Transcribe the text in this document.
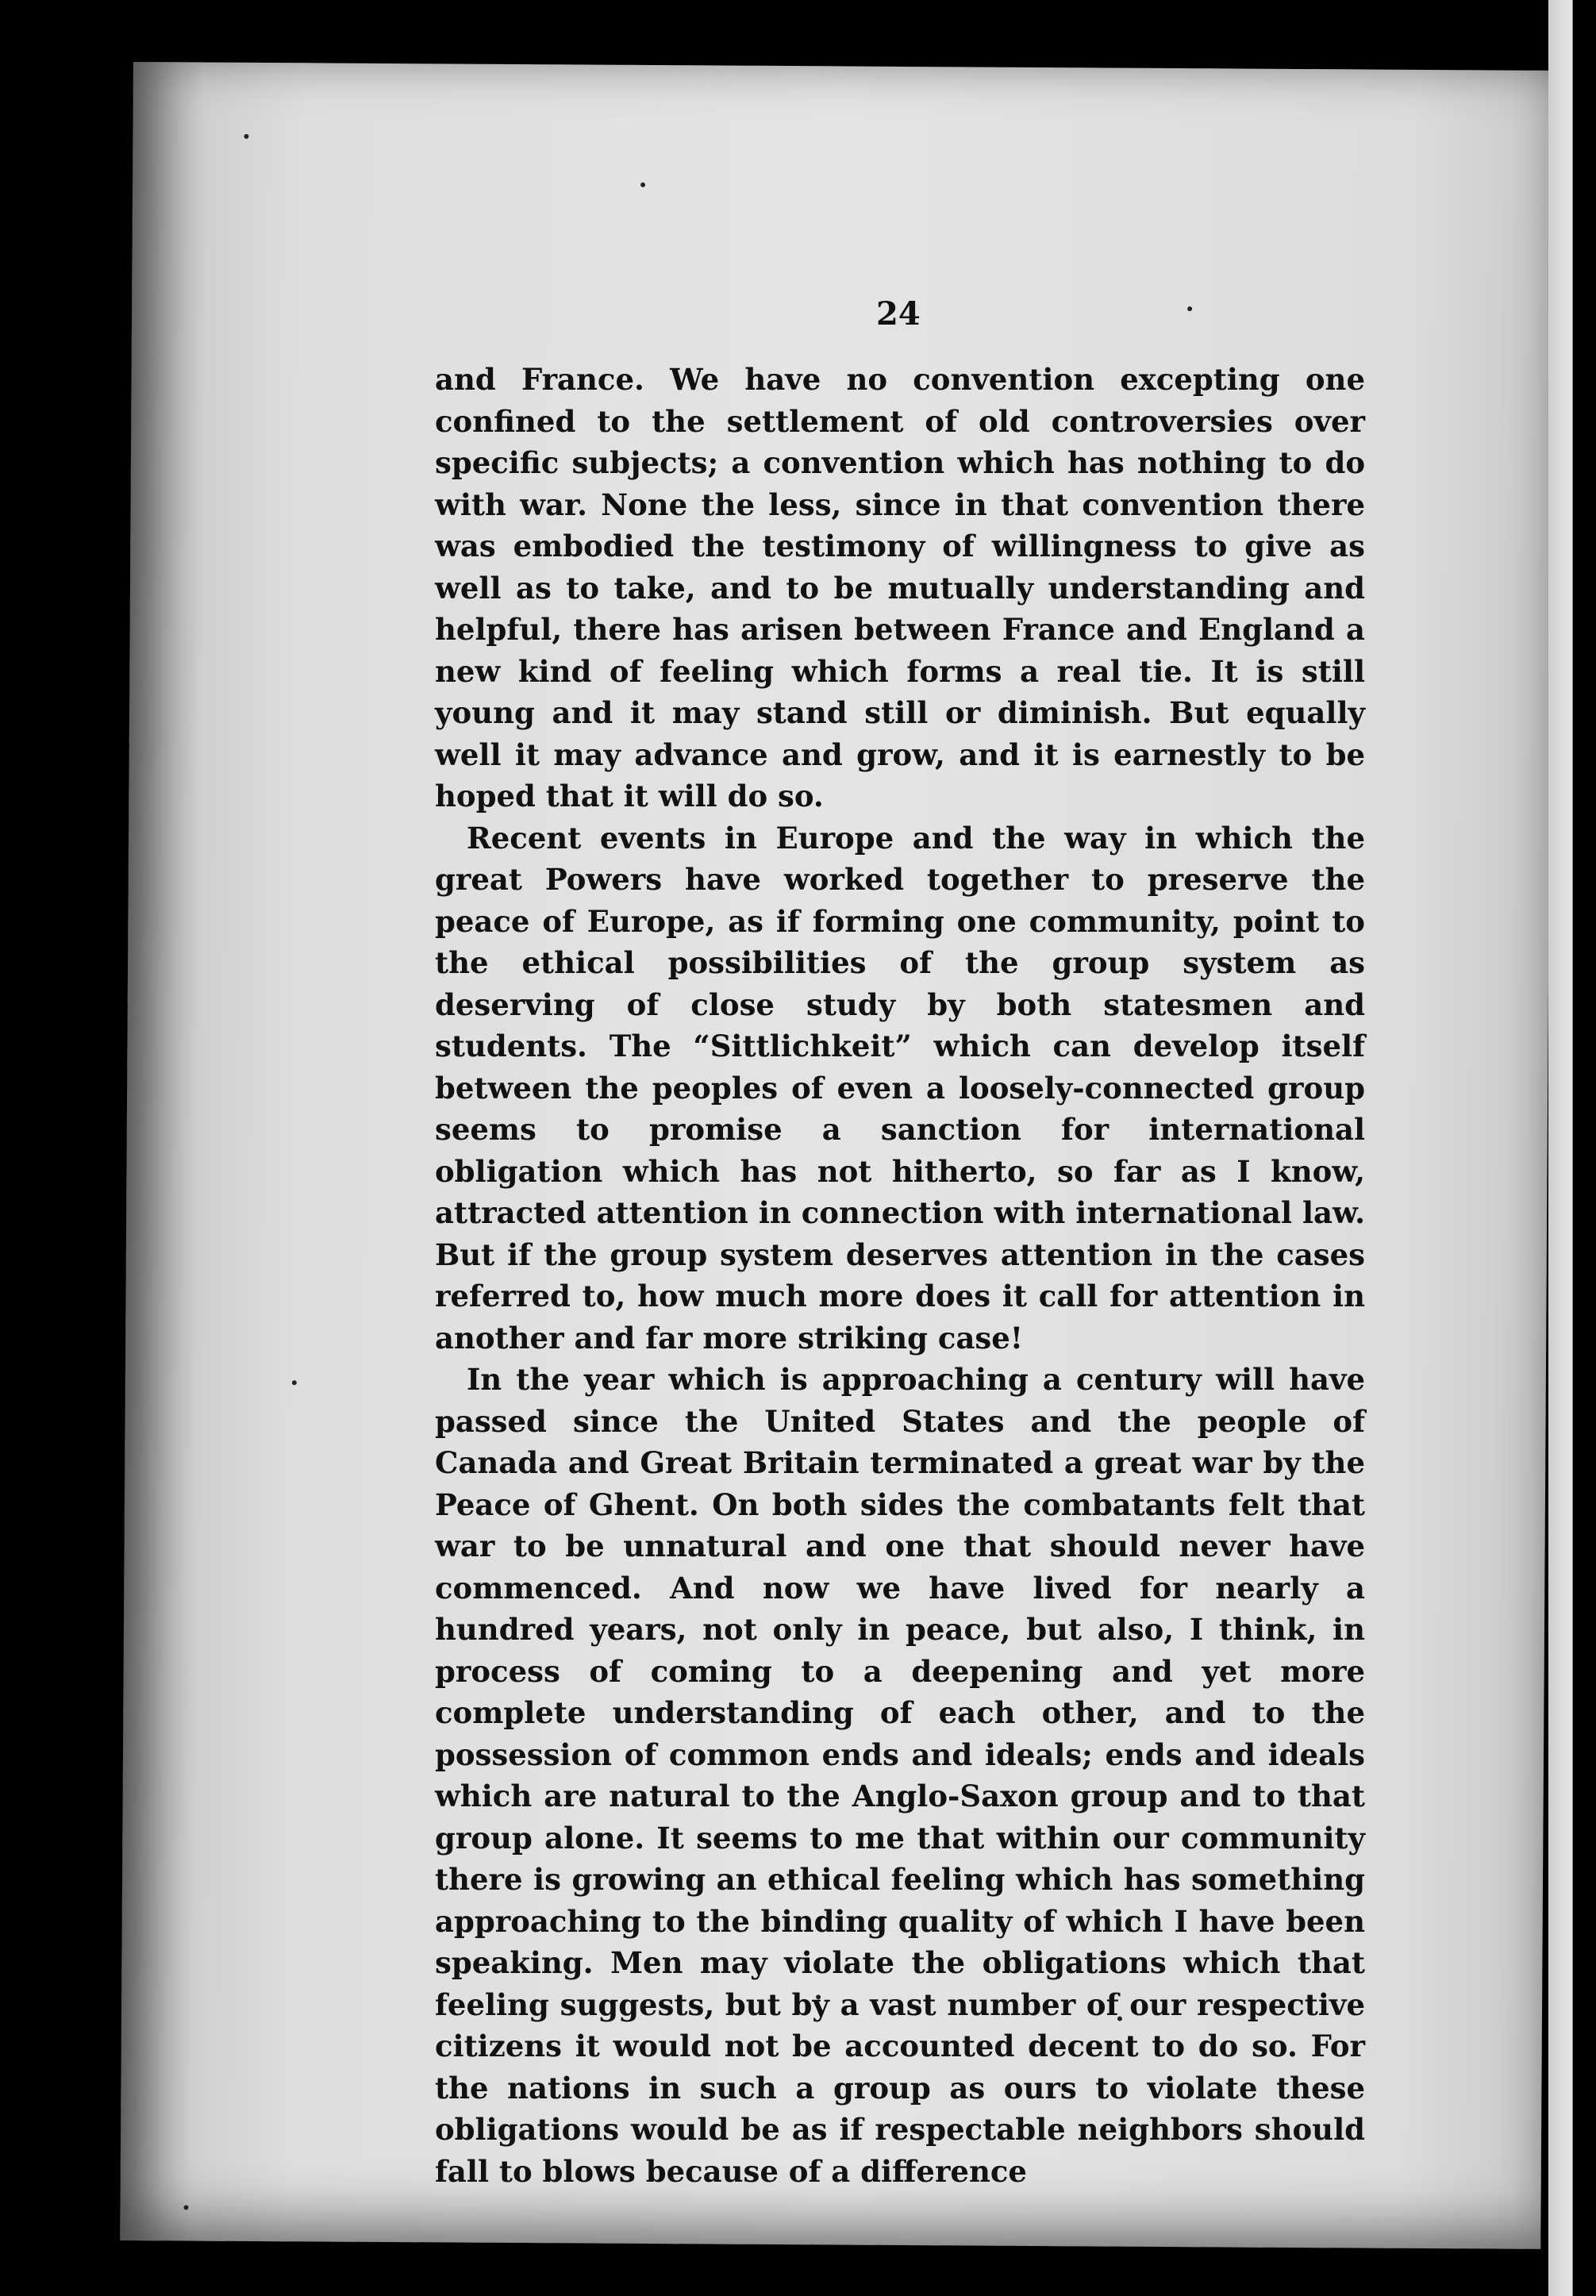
24

and France. We have no convention excepting one confined to the settlement of old controversies over specific subjects; a convention which has nothing to do with war. None the less, since in that convention there was embodied the testimony of willingness to give as well as to take, and to be mutually understanding and helpful, there has arisen between France and England a new kind of feeling which forms a real tie. It is still young and it may stand still or diminish. But equally well it may advance and grow, and it is earnestly to be hoped that it will do so.

Recent events in Europe and the way in which the great Powers have worked together to preserve the peace of Europe, as if forming one community, point to the ethical possibilities of the group system as deserving of close study by both statesmen and students. The “Sittlichkeit” which can develop itself between the peoples of even a loosely-connected group seems to promise a sanction for international obligation which has not hitherto, so far as I know, attracted attention in connection with international law. But if the group system deserves attention in the cases referred to, how much more does it call for attention in another and far more striking case!

In the year which is approaching a century will have passed since the United States and the people of Canada and Great Britain terminated a great war by the Peace of Ghent. On both sides the combatants felt that war to be unnatural and one that should never have commenced. And now we have lived for nearly a hundred years, not only in peace, but also, I think, in process of coming to a deepening and yet more complete understanding of each other, and to the possession of common ends and ideals; ends and ideals which are natural to the Anglo-Saxon group and to that group alone. It seems to me that within our community there is growing an ethical feeling which has something approaching to the binding quality of which I have been speaking. Men may violate the obligations which that feeling suggests, but by a vast number of our respective citizens it would not be accounted decent to do so. For the nations in such a group as ours to violate these obligations would be as if respectable neighbors should fall to blows because of a difference
